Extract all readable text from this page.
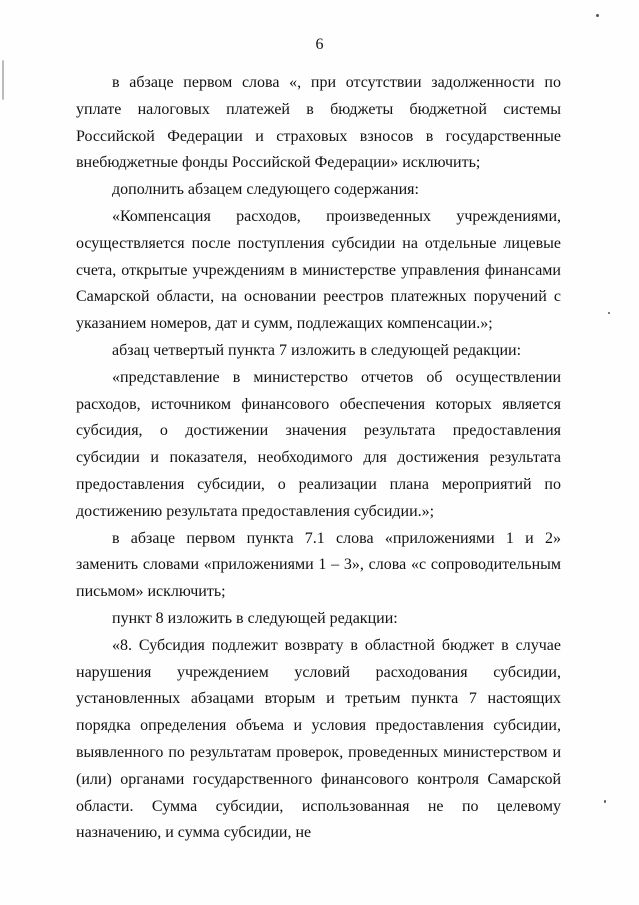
6

в абзаце первом слова «, при отсутствии задолженности по уплате налоговых платежей в бюджеты бюджетной системы Российской Федерации и страховых взносов в государственные внебюджетные фонды Российской Федерации» исключить;

дополнить абзацем следующего содержания:

«Компенсация расходов, произведенных учреждениями, осуществляется после поступления субсидии на отдельные лицевые счета, открытые учреждениям в министерстве управления финансами Самарской области, на основании реестров платежных поручений с указанием номеров, дат и сумм, подлежащих компенсации.»;

абзац четвертый пункта 7 изложить в следующей редакции:

«представление в министерство отчетов об осуществлении расходов, источником финансового обеспечения которых является субсидия, о достижении значения результата предоставления субсидии и показателя, необходимого для достижения результата предоставления субсидии, о реализации плана мероприятий по достижению результата предоставления субсидии.»;

в абзаце первом пункта 7.1 слова «приложениями 1 и 2» заменить словами «приложениями 1 – 3», слова «с сопроводительным письмом» исключить;

пункт 8 изложить в следующей редакции:

«8. Субсидия подлежит возврату в областной бюджет в случае нарушения учреждением условий расходования субсидии, установленных абзацами вторым и третьим пункта 7 настоящих порядка определения объема и условия предоставления субсидии, выявленного по результатам проверок, проведенных министерством и (или) органами государственного финансового контроля Самарской области. Сумма субсидии, использованная не по целевому назначению, и сумма субсидии, не
